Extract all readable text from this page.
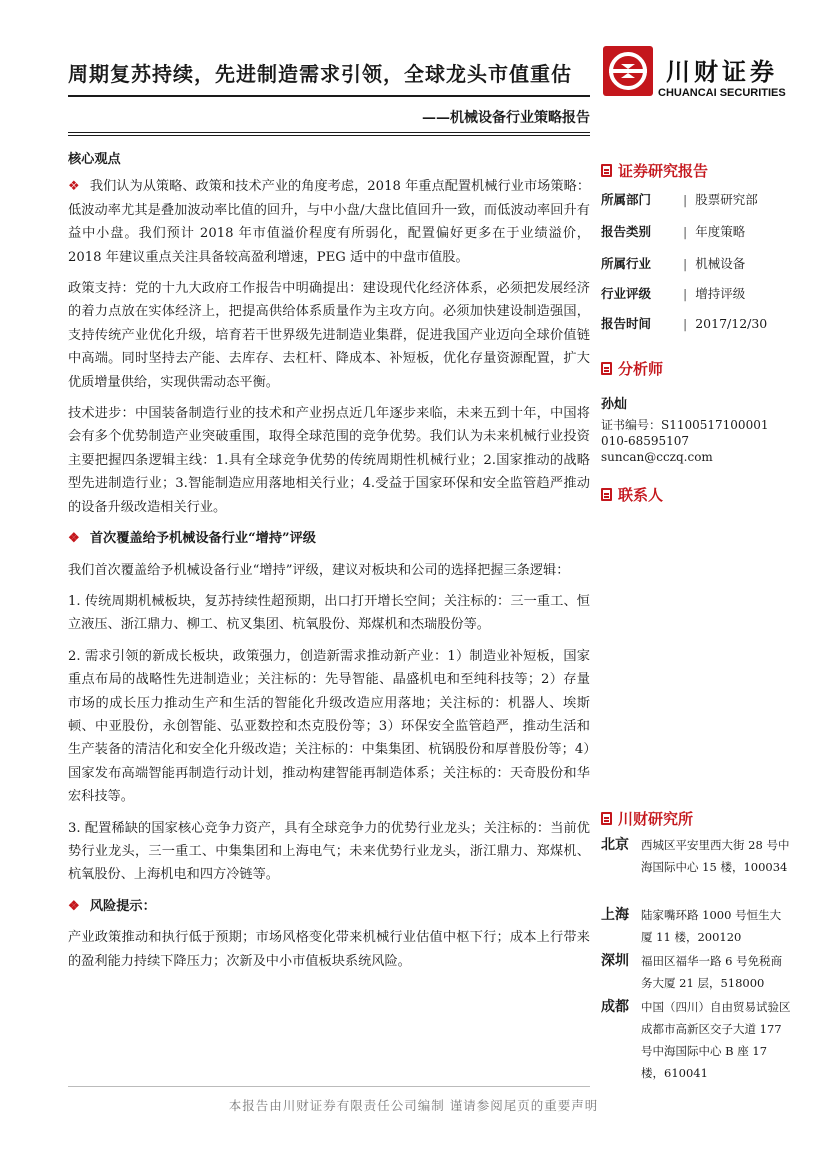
周期复苏持续，先进制造需求引领，全球龙头市值重估
——机械设备行业策略报告
川财证券
CHUANCAI SECURITIES

核心观点

❖ 我们认为从策略、政策和技术产业的角度考虑，2018 年重点配置机械行业市场策略：低波动率尤其是叠加波动率比值的回升，与中小盘/大盘比值回升一致，而低波动率回升有益中小盘。我们预计 2018 年市值溢价程度有所弱化，配置偏好更多在于业绩溢价，2018 年建议重点关注具备较高盈利增速，PEG 适中的中盘市值股。

政策支持：党的十九大政府工作报告中明确提出：建设现代化经济体系，必须把发展经济的着力点放在实体经济上，把提高供给体系质量作为主攻方向。必须加快建设制造强国，支持传统产业优化升级，培育若干世界级先进制造业集群，促进我国产业迈向全球价值链中高端。同时坚持去产能、去库存、去杠杆、降成本、补短板，优化存量资源配置，扩大优质增量供给，实现供需动态平衡。

技术进步：中国装备制造行业的技术和产业拐点近几年逐步来临，未来五到十年，中国将会有多个优势制造产业突破重围，取得全球范围的竞争优势。我们认为未来机械行业投资主要把握四条逻辑主线：1.具有全球竞争优势的传统周期性机械行业；2.国家推动的战略型先进制造行业；3.智能制造应用落地相关行业；4.受益于国家环保和安全监管趋严推动的设备升级改造相关行业。

❖ 首次覆盖给予机械设备行业“增持”评级

我们首次覆盖给予机械设备行业“增持”评级，建议对板块和公司的选择把握三条逻辑：

1. 传统周期机械板块，复苏持续性超预期，出口打开增长空间；关注标的：三一重工、恒立液压、浙江鼎力、柳工、杭叉集团、杭氧股份、郑煤机和杰瑞股份等。

2. 需求引领的新成长板块，政策强力，创造新需求推动新产业：1）制造业补短板，国家重点布局的战略性先进制造业；关注标的：先导智能、晶盛机电和至纯科技等；2）存量市场的成长压力推动生产和生活的智能化升级改造应用落地；关注标的：机器人、埃斯顿、中亚股份，永创智能、弘亚数控和杰克股份等；3）环保安全监管趋严，推动生活和生产装备的清洁化和安全化升级改造；关注标的：中集集团、杭锅股份和厚普股份等；4）国家发布高端智能再制造行动计划，推动构建智能再制造体系；关注标的：天奇股份和华宏科技等。

3. 配置稀缺的国家核心竞争力资产，具有全球竞争力的优势行业龙头；关注标的：当前优势行业龙头，三一重工、中集集团和上海电气；未来优势行业龙头，浙江鼎力、郑煤机、杭氧股份、上海机电和四方冷链等。

❖ 风险提示：

产业政策推动和执行低于预期；市场风格变化带来机械行业估值中枢下行；成本上行带来的盈利能力持续下降压力；次新及中小市值板块系统风险。

证券研究报告
所属部门	| 股票研究部
报告类别	| 年度策略
所属行业	| 机械设备
行业评级	| 增持评级
报告时间	| 2017/12/30
分析师
孙灿
证书编号：S1100517100001
010-68595107
suncan@cczq.com
联系人
川财研究所
北京 西城区平安里西大街 28 号中海国际中心 15 楼，100034
上海 陆家嘴环路 1000 号恒生大厦 11 楼，200120
深圳 福田区福华一路 6 号免税商务大厦 21 层，518000
成都 中国（四川）自由贸易试验区成都市高新区交子大道 177 号中海国际中心 B 座 17 楼，610041
本报告由川财证券有限责任公司编制 谨请参阅尾页的重要声明
